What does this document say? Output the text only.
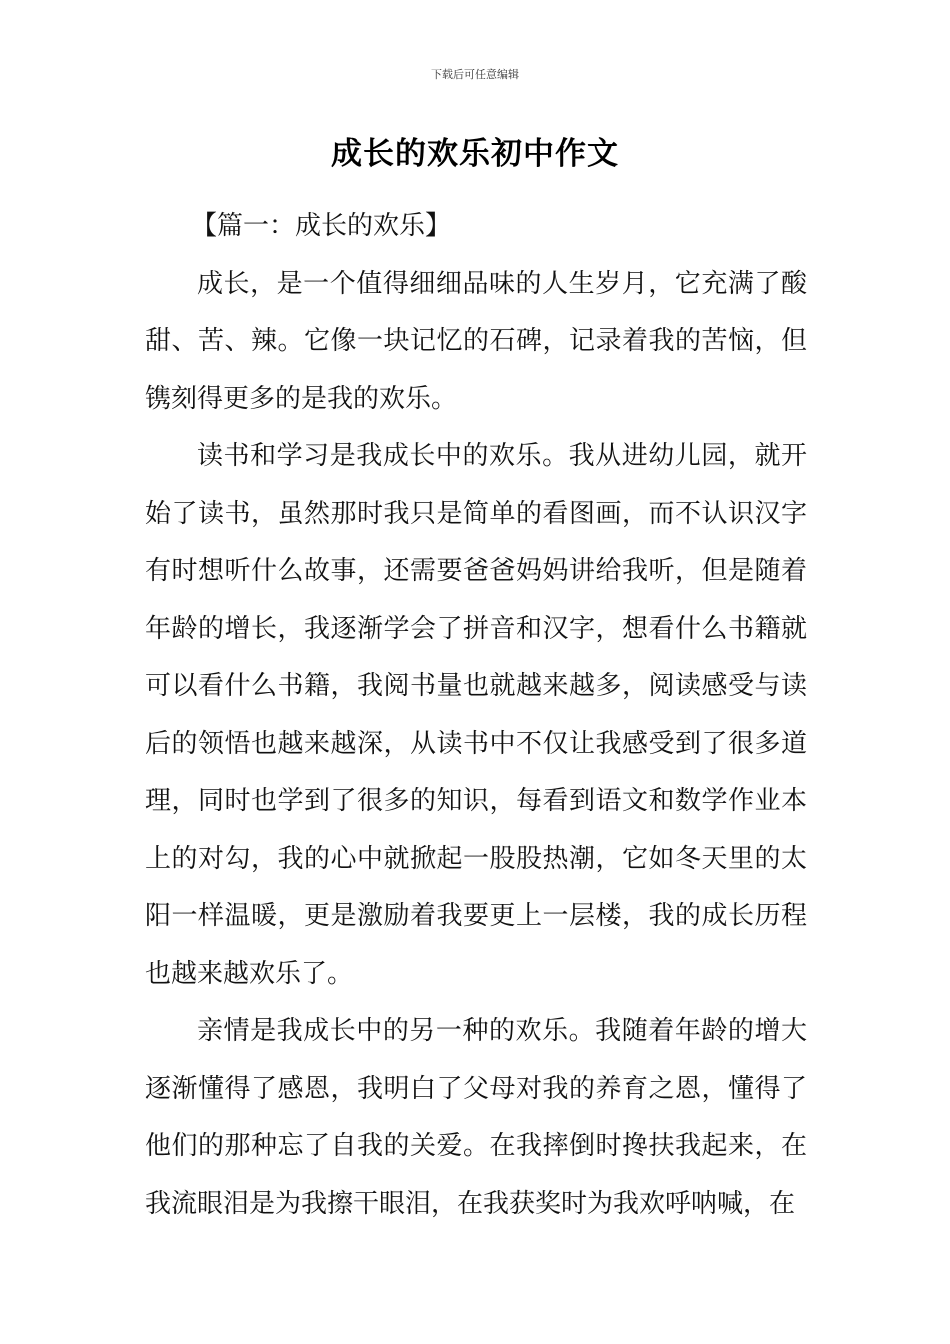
下载后可任意编辑
成长的欢乐初中作文

【篇一：成长的欢乐】

成长，是一个值得细细品味的人生岁月，它充满了酸甜、苦、辣。它像一块记忆的石碑，记录着我的苦恼，但镌刻得更多的是我的欢乐。

读书和学习是我成长中的欢乐。我从进幼儿园，就开始了读书，虽然那时我只是简单的看图画，而不认识汉字有时想听什么故事，还需要爸爸妈妈讲给我听，但是随着年龄的增长，我逐渐学会了拼音和汉字，想看什么书籍就可以看什么书籍，我阅书量也就越来越多，阅读感受与读后的领悟也越来越深，从读书中不仅让我感受到了很多道理，同时也学到了很多的知识，每看到语文和数学作业本上的对勾，我的心中就掀起一股股热潮，它如冬天里的太阳一样温暖，更是激励着我要更上一层楼，我的成长历程也越来越欢乐了。

亲情是我成长中的另一种的欢乐。我随着年龄的增大逐渐懂得了感恩，我明白了父母对我的养育之恩，懂得了他们的那种忘了自我的关爱。在我摔倒时搀扶我起来，在我流眼泪是为我擦干眼泪，在我获奖时为我欢呼呐喊，在
